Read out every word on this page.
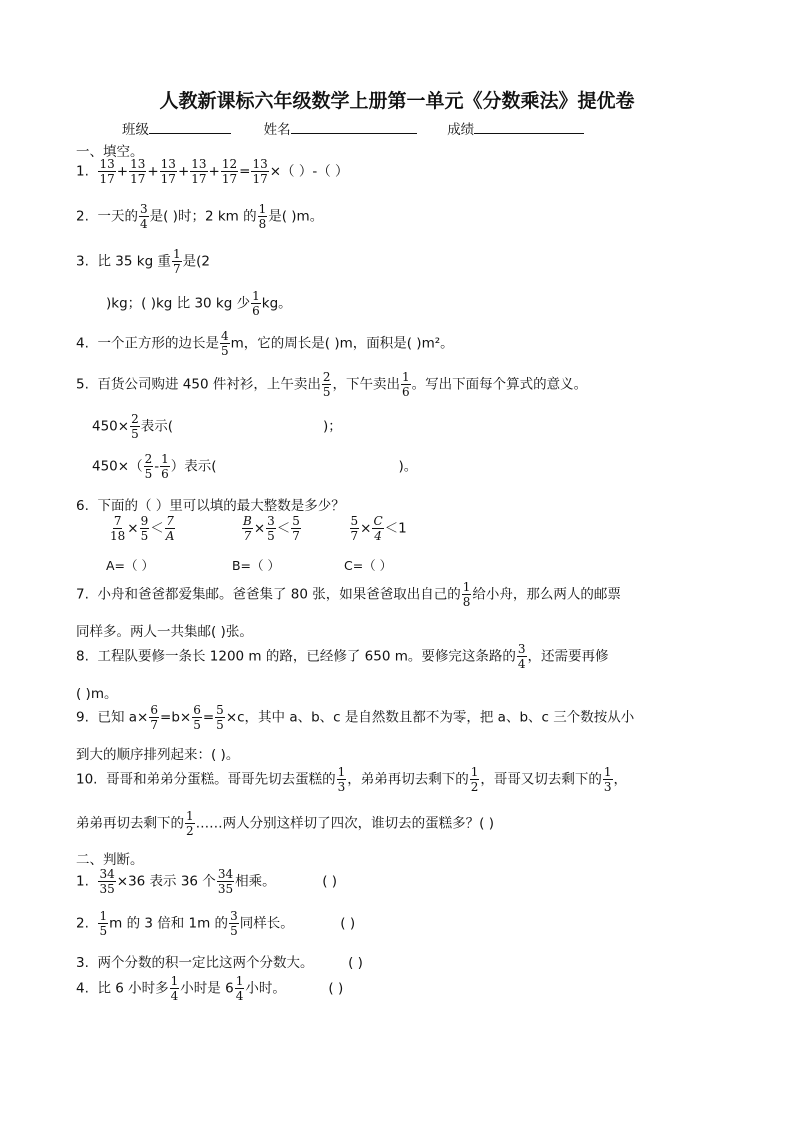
人教新课标六年级数学上册第一单元《分数乘法》提优卷
班级	姓名	成绩
一、填空。
1. $\frac{13}{17} + \frac{13}{17} + \frac{13}{17} + \frac{13}{17} + \frac{12}{17} = \frac{13}{17}$ ×（ ）-（ ）
2. 一天的 $\frac{3}{4}$ 是( )时；2 km 的 $\frac{1}{8}$ 是( )m。
3. 比 35 kg 重 $\frac{1}{7}$ 是(2
)kg；( )kg 比 30 kg 少 $\frac{1}{6}$ kg。
4. 一个正方形的边长是 $\frac{4}{5}$ m，它的周长是( )m，面积是( )m²。
5. 百货公司购进 450 件衬衫，上午卖出 $\frac{2}{5}$ ，下午卖出 $\frac{1}{6}$ 。写出下面每个算式的意义。
$450\times \frac{2}{5}$ 表示(	)；
$450\times( \frac{2}{5} - \frac{1}{6}$ ）表示(	)。
6. 下面的（ ）里可以填的最大整数是多少？
$\frac{7}{18} \times \frac{9}{5} < \frac{7}{A}$
	$\frac{B}{7} \times \frac{3}{5} < \frac{5}{7}$
	$\frac{5}{7} \times \frac{C}{4} <1$
A=（ ）	B=（ ）	C=（ ）
7. 小舟和爸爸都爱集邮。爸爸集了 80 张，如果爸爸取出自己的 $\frac{1}{8}$ 给小舟，那么两人的邮票
同样多。两人一共集邮( )张。
8. 工程队要修一条长 1200 m 的路，已经修了 650 m。要修完这条路的 $\frac{3}{4}$ ，还需要再修
( )m。
9. 已知 $a\times \frac{6}{7} =b\times \frac{6}{5} = \frac{5}{5} \times c$，其中 a、b、c 是自然数且都不为零，把 a、b、c 三个数按从小
到大的顺序排列起来：( )。
10. 哥哥和弟弟分蛋糕。哥哥先切去蛋糕的 $\frac{1}{3}$ ，弟弟再切去剩下的 $\frac{1}{2}$ ，哥哥又切去剩下的 $\frac{1}{3}$ ，
弟弟再切去剩下的 $\frac{1}{2}$ ……两人分别这样切了四次，谁切去的蛋糕多？( )
二、判断。
1. $\frac{34}{35} \times 36$ 表示 36 个 $\frac{34}{35}$ 相乘。	( )
2. $\frac{1}{5}$ m 的 3 倍和 1m 的 $\frac{3}{5}$ 同样长。	( )
3. 两个分数的积一定比这两个分数大。	( )
4. 比 6 小时多 $\frac{1}{4}$ 小时是 $6 \frac{1}{4}$ 小时。	( )
